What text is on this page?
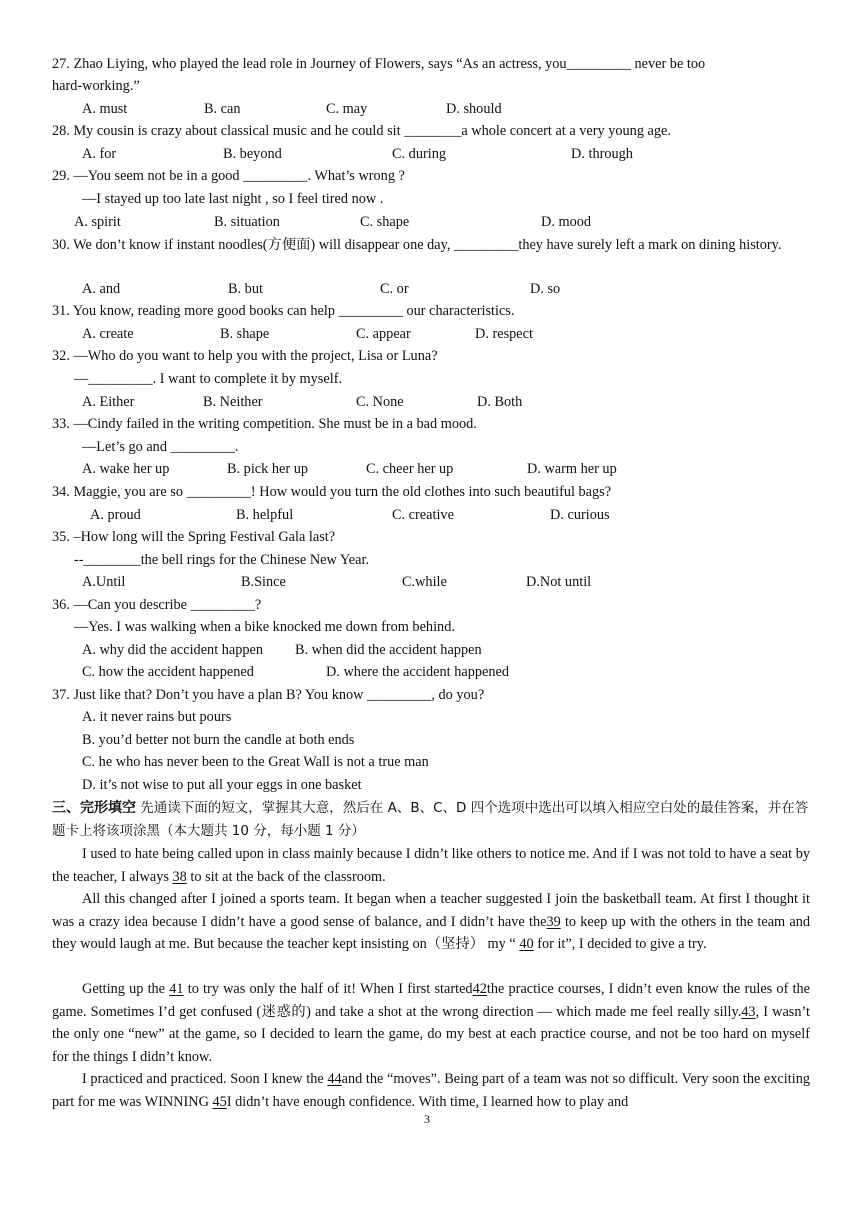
27. Zhao Liying, who played the lead role in Journey of Flowers, says “As an actress, you_________ never be too
hard-working.”
A. must	B. can	C. may	D. should
28. My cousin is crazy about classical music and he could sit ________a whole concert at a very young age.
A. for	B. beyond	C. during	D. through
29. —You seem not be in a good _________. What’s wrong ?
—I stayed up too late last night , so I feel tired now .
A. spirit	B. situation	C. shape	D. mood
30. We don’t know if instant noodles(方便面) will disappear one day, _________they have surely left a mark on dining history.
A. and	B. but	C. or	D. so
31. You know, reading more good books can help _________ our characteristics.
A. create	B. shape	C. appear	D. respect
32. —Who do you want to help you with the project, Lisa or Luna?
—_________. I want to complete it by myself.
A. Either	B. Neither	C. None	D. Both
33. —Cindy failed in the writing competition. She must be in a bad mood.
—Let’s go and _________.
A. wake her up	B. pick her up	C. cheer her up	D. warm her up
34. Maggie, you are so _________! How would you turn the old clothes into such beautiful bags?
A. proud	B. helpful	C. creative	D. curious
35. –How long will the Spring Festival Gala last?
--________the bell rings for the Chinese New Year.
A.Until	B.Since	C.while	D.Not until
36. —Can you describe _________?
—Yes. I was walking when a bike knocked me down from behind.
A. why did the accident happen B. when did the accident happen
C. how the accident happened	D. where the accident happened
37. Just like that? Don’t you have a plan B? You know _________, do you?
A. it never rains but pours
B. you’d better not burn the candle at both ends
C. he who has never been to the Great Wall is not a true man
D. it’s not wise to put all your eggs in one basket
三、完形填空 先通读下面的短文，掌握其大意，然后在 A、B、C、D 四个选项中选出可以填入相应空白处的最佳答案，并在答题卡上将该项涂黑（本大题共 10 分，每小题 1 分）
I used to hate being called upon in class mainly because I didn’t like others to notice me. And if I was not told to have a seat by the teacher, I always 38 to sit at the back of the classroom.
All this changed after I joined a sports team. It began when a teacher suggested I join the basketball team. At first I thought it was a crazy idea because I didn’t have a good sense of balance, and I didn’t have the39 to keep up with the others in the team and they would laugh at me. But because the teacher kept insisting on（坚持） my “ 40 for it”, I decided to give a try.
Getting up the 41 to try was only the half of it! When I first started42the practice courses, I didn’t even know the rules of the game. Sometimes I’d get confused (迷惑的) and take a shot at the wrong direction — which made me feel really silly.43, I wasn’t the only one “new” at the game, so I decided to learn the game, do my best at each practice course, and not be too hard on myself for the things I didn’t know.
I practiced and practiced. Soon I knew the 44and the “moves”. Being part of a team was not so difficult. Very soon the exciting part for me was WINNING 45I didn’t have enough confidence. With time, I learned how to play and
3
